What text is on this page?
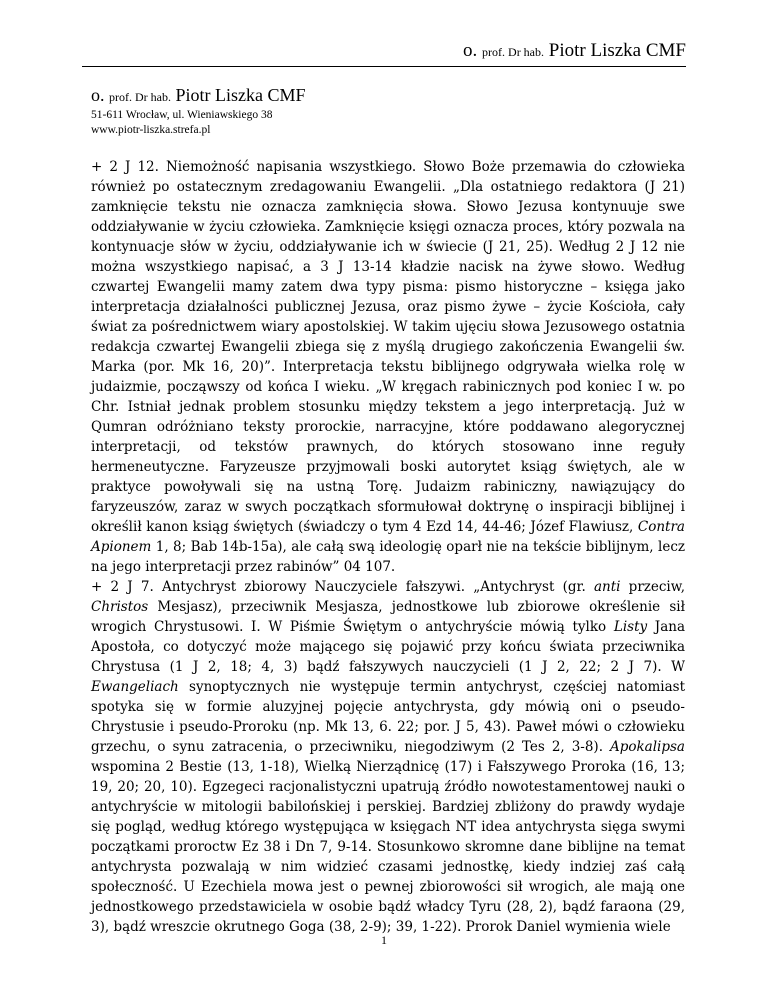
o. prof. Dr hab. Piotr Liszka CMF
o. prof. Dr hab. Piotr Liszka CMF
51-611 Wrocław, ul. Wieniawskiego 38
www.piotr-liszka.strefa.pl

+ 2 J 12. Niemożność napisania wszystkiego. Słowo Boże przemawia do człowieka również po ostatecznym zredagowaniu Ewangelii. „Dla ostatniego redaktora (J 21) zamknięcie tekstu nie oznacza zamknięcia słowa. Słowo Jezusa kontynuuje swe oddziaływanie w życiu człowieka. Zamknięcie księgi oznacza proces, który pozwala na kontynuacje słów w życiu, oddziaływanie ich w świecie (J 21, 25). Według 2 J 12 nie można wszystkiego napisać, a 3 J 13-14 kładzie nacisk na żywe słowo. Według czwartej Ewangelii mamy zatem dwa typy pisma: pismo historyczne – księga jako interpretacja działalności publicznej Jezusa, oraz pismo żywe – życie Kościoła, cały świat za pośrednictwem wiary apostolskiej. W takim ujęciu słowa Jezusowego ostatnia redakcja czwartej Ewangelii zbiega się z myślą drugiego zakończenia Ewangelii św. Marka (por. Mk 16, 20)”. Interpretacja tekstu biblijnego odgrywała wielka rolę w judaizmie, począwszy od końca I wieku. „W kręgach rabinicznych pod koniec I w. po Chr. Istniał jednak problem stosunku między tekstem a jego interpretacją. Już w Qumran odróżniano teksty prorockie, narracyjne, które poddawano alegorycznej interpretacji, od tekstów prawnych, do których stosowano inne reguły hermeneutyczne. Faryzeusze przyjmowali boski autorytet ksiąg świętych, ale w praktyce powoływali się na ustną Torę. Judaizm rabiniczny, nawiązujący do faryzeuszów, zaraz w swych początkach sformułował doktrynę o inspiracji biblijnej i określił kanon ksiąg świętych (świadczy o tym 4 Ezd 14, 44-46; Józef Flawiusz, Contra Apionem 1, 8; Bab 14b-15a), ale całą swą ideologię oparł nie na tekście biblijnym, lecz na jego interpretacji przez rabinów” 04 107.

+ 2 J 7. Antychryst zbiorowy Nauczyciele fałszywi. „Antychryst (gr. anti przeciw, Christos Mesjasz), przeciwnik Mesjasza, jednostkowe lub zbiorowe określenie sił wrogich Chrystusowi. I. W Piśmie Świętym o antychryście mówią tylko Listy Jana Apostoła, co dotyczyć może mającego się pojawić przy końcu świata przeciwnika Chrystusa (1 J 2, 18; 4, 3) bądź fałszywych nauczycieli (1 J 2, 22; 2 J 7). W Ewangeliach synoptycznych nie występuje termin antychryst, częściej natomiast spotyka się w formie aluzyjnej pojęcie antychrysta, gdy mówią oni o pseudo-Chrystusie i pseudo-Proroku (np. Mk 13, 6. 22; por. J 5, 43). Paweł mówi o człowieku grzechu, o synu zatracenia, o przeciwniku, niegodziwym (2 Tes 2, 3-8). Apokalipsa wspomina 2 Bestie (13, 1-18), Wielką Nierządnicę (17) i Fałszywego Proroka (16, 13; 19, 20; 20, 10). Egzegeci racjonalistyczni upatrują źródło nowotestamentowej nauki o antychryście w mitologii babilońskiej i perskiej. Bardziej zbliżony do prawdy wydaje się pogląd, według którego występująca w księgach NT idea antychrysta sięga swymi początkami proroctw Ez 38 i Dn 7, 9-14. Stosunkowo skromne dane biblijne na temat antychrysta pozwalają w nim widzieć czasami jednostkę, kiedy indziej zaś całą społeczność. U Ezechiela mowa jest o pewnej zbiorowości sił wrogich, ale mają one jednostkowego przedstawiciela w osobie bądź władcy Tyru (28, 2), bądź faraona (29, 3), bądź wreszcie okrutnego Goga (38, 2-9); 39, 1-22). Prorok Daniel wymienia wiele

1
